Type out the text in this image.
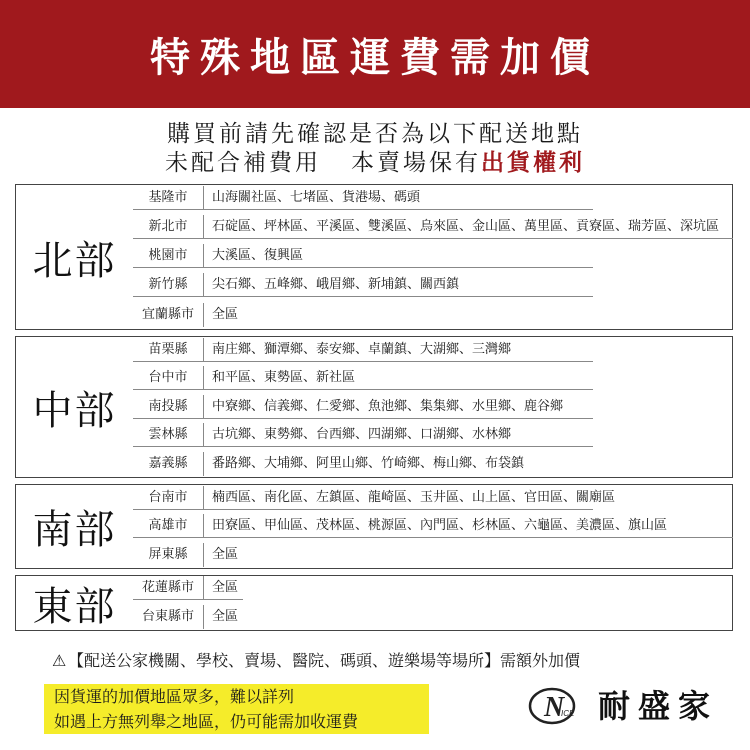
特殊地區運費需加價
購買前請先確認是否為以下配送地點
未配合補費用 本賣場保有出貨權利
北部
基隆市	山海關社區、七堵區、貨港場、碼頭
新北市	石碇區、坪林區、平溪區、雙溪區、烏來區、金山區、萬里區、貢寮區、瑞芳區、深坑區
桃園市	大溪區、復興區
新竹縣	尖石鄉、五峰鄉、峨眉鄉、新埔鎮、關西鎮
宜蘭縣市	全區
中部
苗栗縣	南庄鄉、獅潭鄉、泰安鄉、卓蘭鎮、大湖鄉、三灣鄉
台中市	和平區、東勢區、新社區
南投縣	中寮鄉、信義鄉、仁愛鄉、魚池鄉、集集鄉、水里鄉、鹿谷鄉
雲林縣	古坑鄉、東勢鄉、台西鄉、四湖鄉、口湖鄉、水林鄉
嘉義縣	番路鄉、大埔鄉、阿里山鄉、竹崎鄉、梅山鄉、布袋鎮
南部
台南市	楠西區、南化區、左鎮區、龍崎區、玉井區、山上區、官田區、關廟區
高雄市	田寮區、甲仙區、茂林區、桃源區、內門區、杉林區、六龜區、美濃區、旗山區
屏東縣	全區
東部	花蓮縣市	全區
台東縣市	全區
⚠ 【配送公家機關、學校、賣場、醫院、碼頭、遊樂場等場所】需額外加價
因貨運的加價地區眾多，難以詳列
如遇上方無列舉之地區，仍可能需加收運費	N
ICE 耐盛家
